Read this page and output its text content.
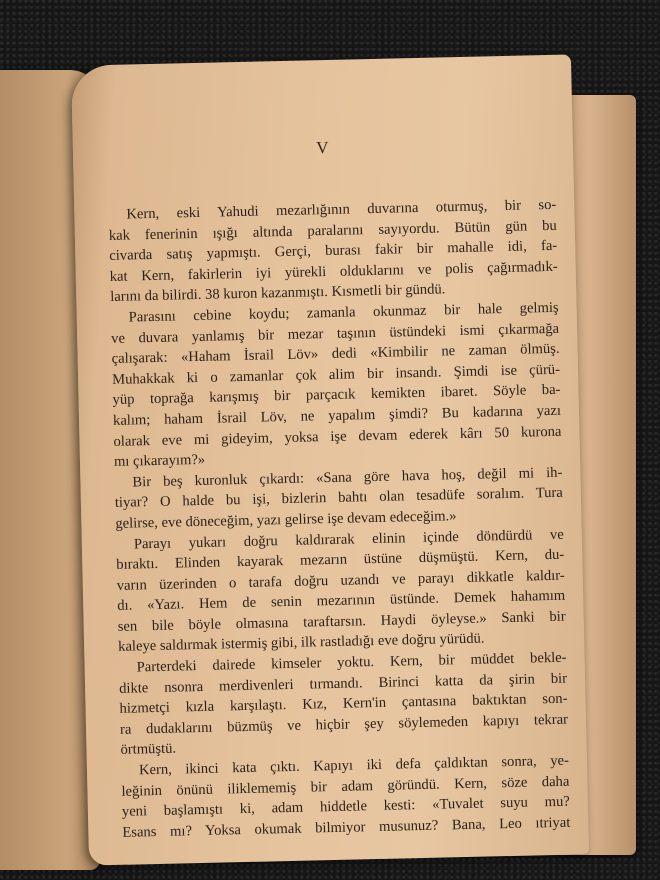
V
Kern, eski Yahudi mezarlığının duvarına oturmuş, bir so-
kak fenerinin ışığı altında paralarını sayıyordu. Bütün gün bu
civarda satış yapmıştı. Gerçi, burası fakir bir mahalle idi, fa-
kat Kern, fakirlerin iyi yürekli olduklarını ve polis çağırmadık-
larını da bilirdi. 38 kuron kazanmıştı. Kısmetli bir gündü.
Parasını cebine koydu; zamanla okunmaz bir hale gelmiş
ve duvara yanlamış bir mezar taşının üstündeki ismi çıkarmağa
çalışarak: «Haham İsrail Löv» dedi «Kimbilir ne zaman ölmüş.
Muhakkak ki o zamanlar çok alim bir insandı. Şimdi ise çürü-
yüp toprağa karışmış bir parçacık kemikten ibaret. Söyle ba-
kalım; haham İsrail Löv, ne yapalım şimdi? Bu kadarına yazı
olarak eve mi gideyim, yoksa işe devam ederek kârı 50 kurona
mı çıkarayım?»
Bir beş kuronluk çıkardı: «Sana göre hava hoş, değil mi ih-
tiyar? O halde bu işi, bizlerin bahtı olan tesadüfe soralım. Tura
gelirse, eve döneceğim, yazı gelirse işe devam edeceğim.»
Parayı yukarı doğru kaldırarak elinin içinde döndürdü ve
bıraktı. Elinden kayarak mezarın üstüne düşmüştü. Kern, du-
varın üzerinden o tarafa doğru uzandı ve parayı dikkatle kaldır-
dı. «Yazı. Hem de senin mezarının üstünde. Demek hahamım
sen bile böyle olmasına taraftarsın. Haydi öyleyse.» Sanki bir
kaleye saldırmak istermiş gibi, ilk rastladığı eve doğru yürüdü.
Parterdeki dairede kimseler yoktu. Kern, bir müddet bekle-
dikte nsonra merdivenleri tırmandı. Birinci katta da şirin bir
hizmetçi kızla karşılaştı. Kız, Kern'in çantasına baktıktan son-
ra dudaklarını büzmüş ve hiçbir şey söylemeden kapıyı tekrar
örtmüştü.
Kern, ikinci kata çıktı. Kapıyı iki defa çaldıktan sonra, ye-
leğinin önünü iliklememiş bir adam göründü. Kern, söze daha
yeni başlamıştı ki, adam hiddetle kesti: «Tuvalet suyu mu?
Esans mı? Yoksa okumak bilmiyor musunuz? Bana, Leo ıtriyat
